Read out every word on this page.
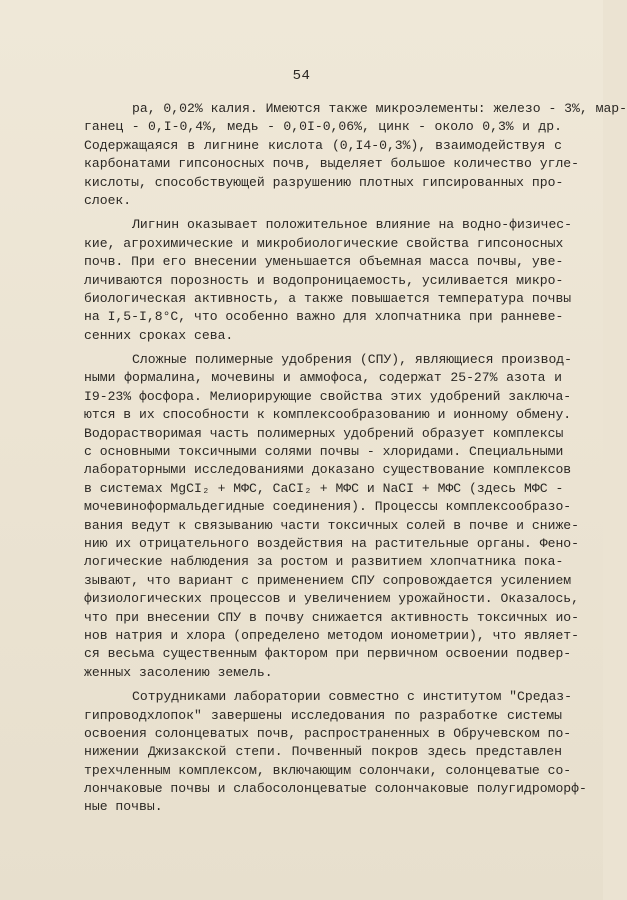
54
ра, 0,02% калия. Имеются также микроэлементы: железо - 3%, мар-
ганец - 0,I-0,4%, медь - 0,0I-0,06%, цинк - около 0,3% и др.
Содержащаяся в лигнине кислота (0,I4-0,3%), взаимодействуя с
карбонатами гипсоносных почв, выделяет большое количество угле-
кислоты, способствующей разрушению плотных гипсированных про-
слоек.
Лигнин оказывает положительное влияние на водно-физичес-
кие, агрохимические и микробиологические свойства гипсоносных
почв. При его внесении уменьшается объемная масса почвы, уве-
личиваются порозность и водопроницаемость, усиливается микро-
биологическая активность, а также повышается температура почвы
на I,5-I,8°С, что особенно важно для хлопчатника при ранневе-
сенних сроках сева.
Сложные полимерные удобрения (СПУ), являющиеся производ-
ными формалина, мочевины и аммофоса, содержат 25-27% азота и
I9-23% фосфора. Мелиорирующие свойства этих удобрений заключа-
ются в их способности к комплексообразованию и ионному обмену.
Водорастворимая часть полимерных удобрений образует комплексы
с основными токсичными солями почвы - хлоридами. Специальными
лабораторными исследованиями доказано существование комплексов
в системах MgCI₂ + МФС, CaCI₂ + МФС и NaCI + МФС (здесь МФС -
мочевиноформальдегидные соединения). Процессы комплексообразо-
вания ведут к связыванию части токсичных солей в почве и сниже-
нию их отрицательного воздействия на растительные органы. Фено-
логические наблюдения за ростом и развитием хлопчатника пока-
зывают, что вариант с применением СПУ сопровождается усилением
физиологических процессов и увеличением урожайности. Оказалось,
что при внесении СПУ в почву снижается активность токсичных ио-
нов натрия и хлора (определено методом ионометрии), что являет-
ся весьма существенным фактором при первичном освоении подвер-
женных засолению земель.
Сотрудниками лаборатории совместно с институтом "Средаз-
гипроводхлопок" завершены исследования по разработке системы
освоения солонцеватых почв, распространенных в Обручевском по-
нижении Джизакской степи. Почвенный покров здесь представлен
трехчленным комплексом, включающим солончаки, солонцеватые со-
лончаковые почвы и слабосолонцеватые солончаковые полугидроморф-
ные почвы.
